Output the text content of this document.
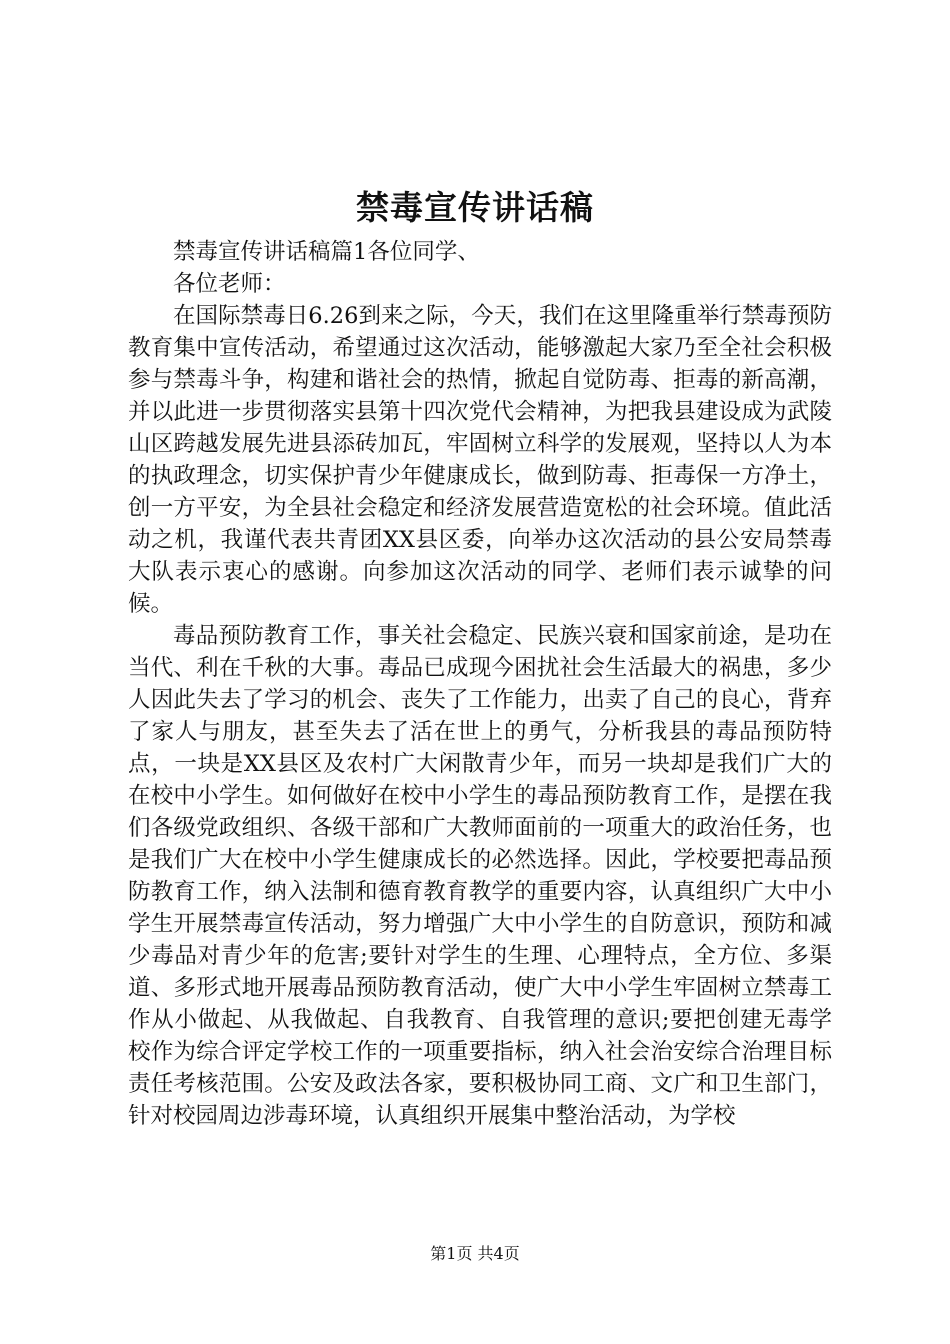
禁毒宣传讲话稿

禁毒宣传讲话稿篇1各位同学、

各位老师：

在国际禁毒日6.26到来之际，今天，我们在这里隆重举行禁毒预防教育集中宣传活动，希望通过这次活动，能够激起大家乃至全社会积极参与禁毒斗争，构建和谐社会的热情，掀起自觉防毒、拒毒的新高潮，并以此进一步贯彻落实县第十四次党代会精神，为把我县建设成为武陵山区跨越发展先进县添砖加瓦，牢固树立科学的发展观，坚持以人为本的执政理念，切实保护青少年健康成长，做到防毒、拒毒保一方净土，创一方平安，为全县社会稳定和经济发展营造宽松的社会环境。值此活动之机，我谨代表共青团XX县区委，向举办这次活动的县公安局禁毒大队表示衷心的感谢。向参加这次活动的同学、老师们表示诚挚的问候。

毒品预防教育工作，事关社会稳定、民族兴衰和国家前途，是功在当代、利在千秋的大事。毒品已成现今困扰社会生活最大的祸患，多少人因此失去了学习的机会、丧失了工作能力，出卖了自己的良心，背弃了家人与朋友，甚至失去了活在世上的勇气，分析我县的毒品预防特点，一块是XX县区及农村广大闲散青少年，而另一块却是我们广大的在校中小学生。如何做好在校中小学生的毒品预防教育工作，是摆在我们各级党政组织、各级干部和广大教师面前的一项重大的政治任务，也是我们广大在校中小学生健康成长的必然选择。因此，学校要把毒品预防教育工作，纳入法制和德育教育教学的重要内容，认真组织广大中小学生开展禁毒宣传活动，努力增强广大中小学生的自防意识，预防和减少毒品对青少年的危害;要针对学生的生理、心理特点，全方位、多渠道、多形式地开展毒品预防教育活动，使广大中小学生牢固树立禁毒工作从小做起、从我做起、自我教育、自我管理的意识;要把创建无毒学校作为综合评定学校工作的一项重要指标，纳入社会治安综合治理目标责任考核范围。公安及政法各家，要积极协同工商、文广和卫生部门，针对校园周边涉毒环境，认真组织开展集中整治活动，为学校

第1页 共4页
